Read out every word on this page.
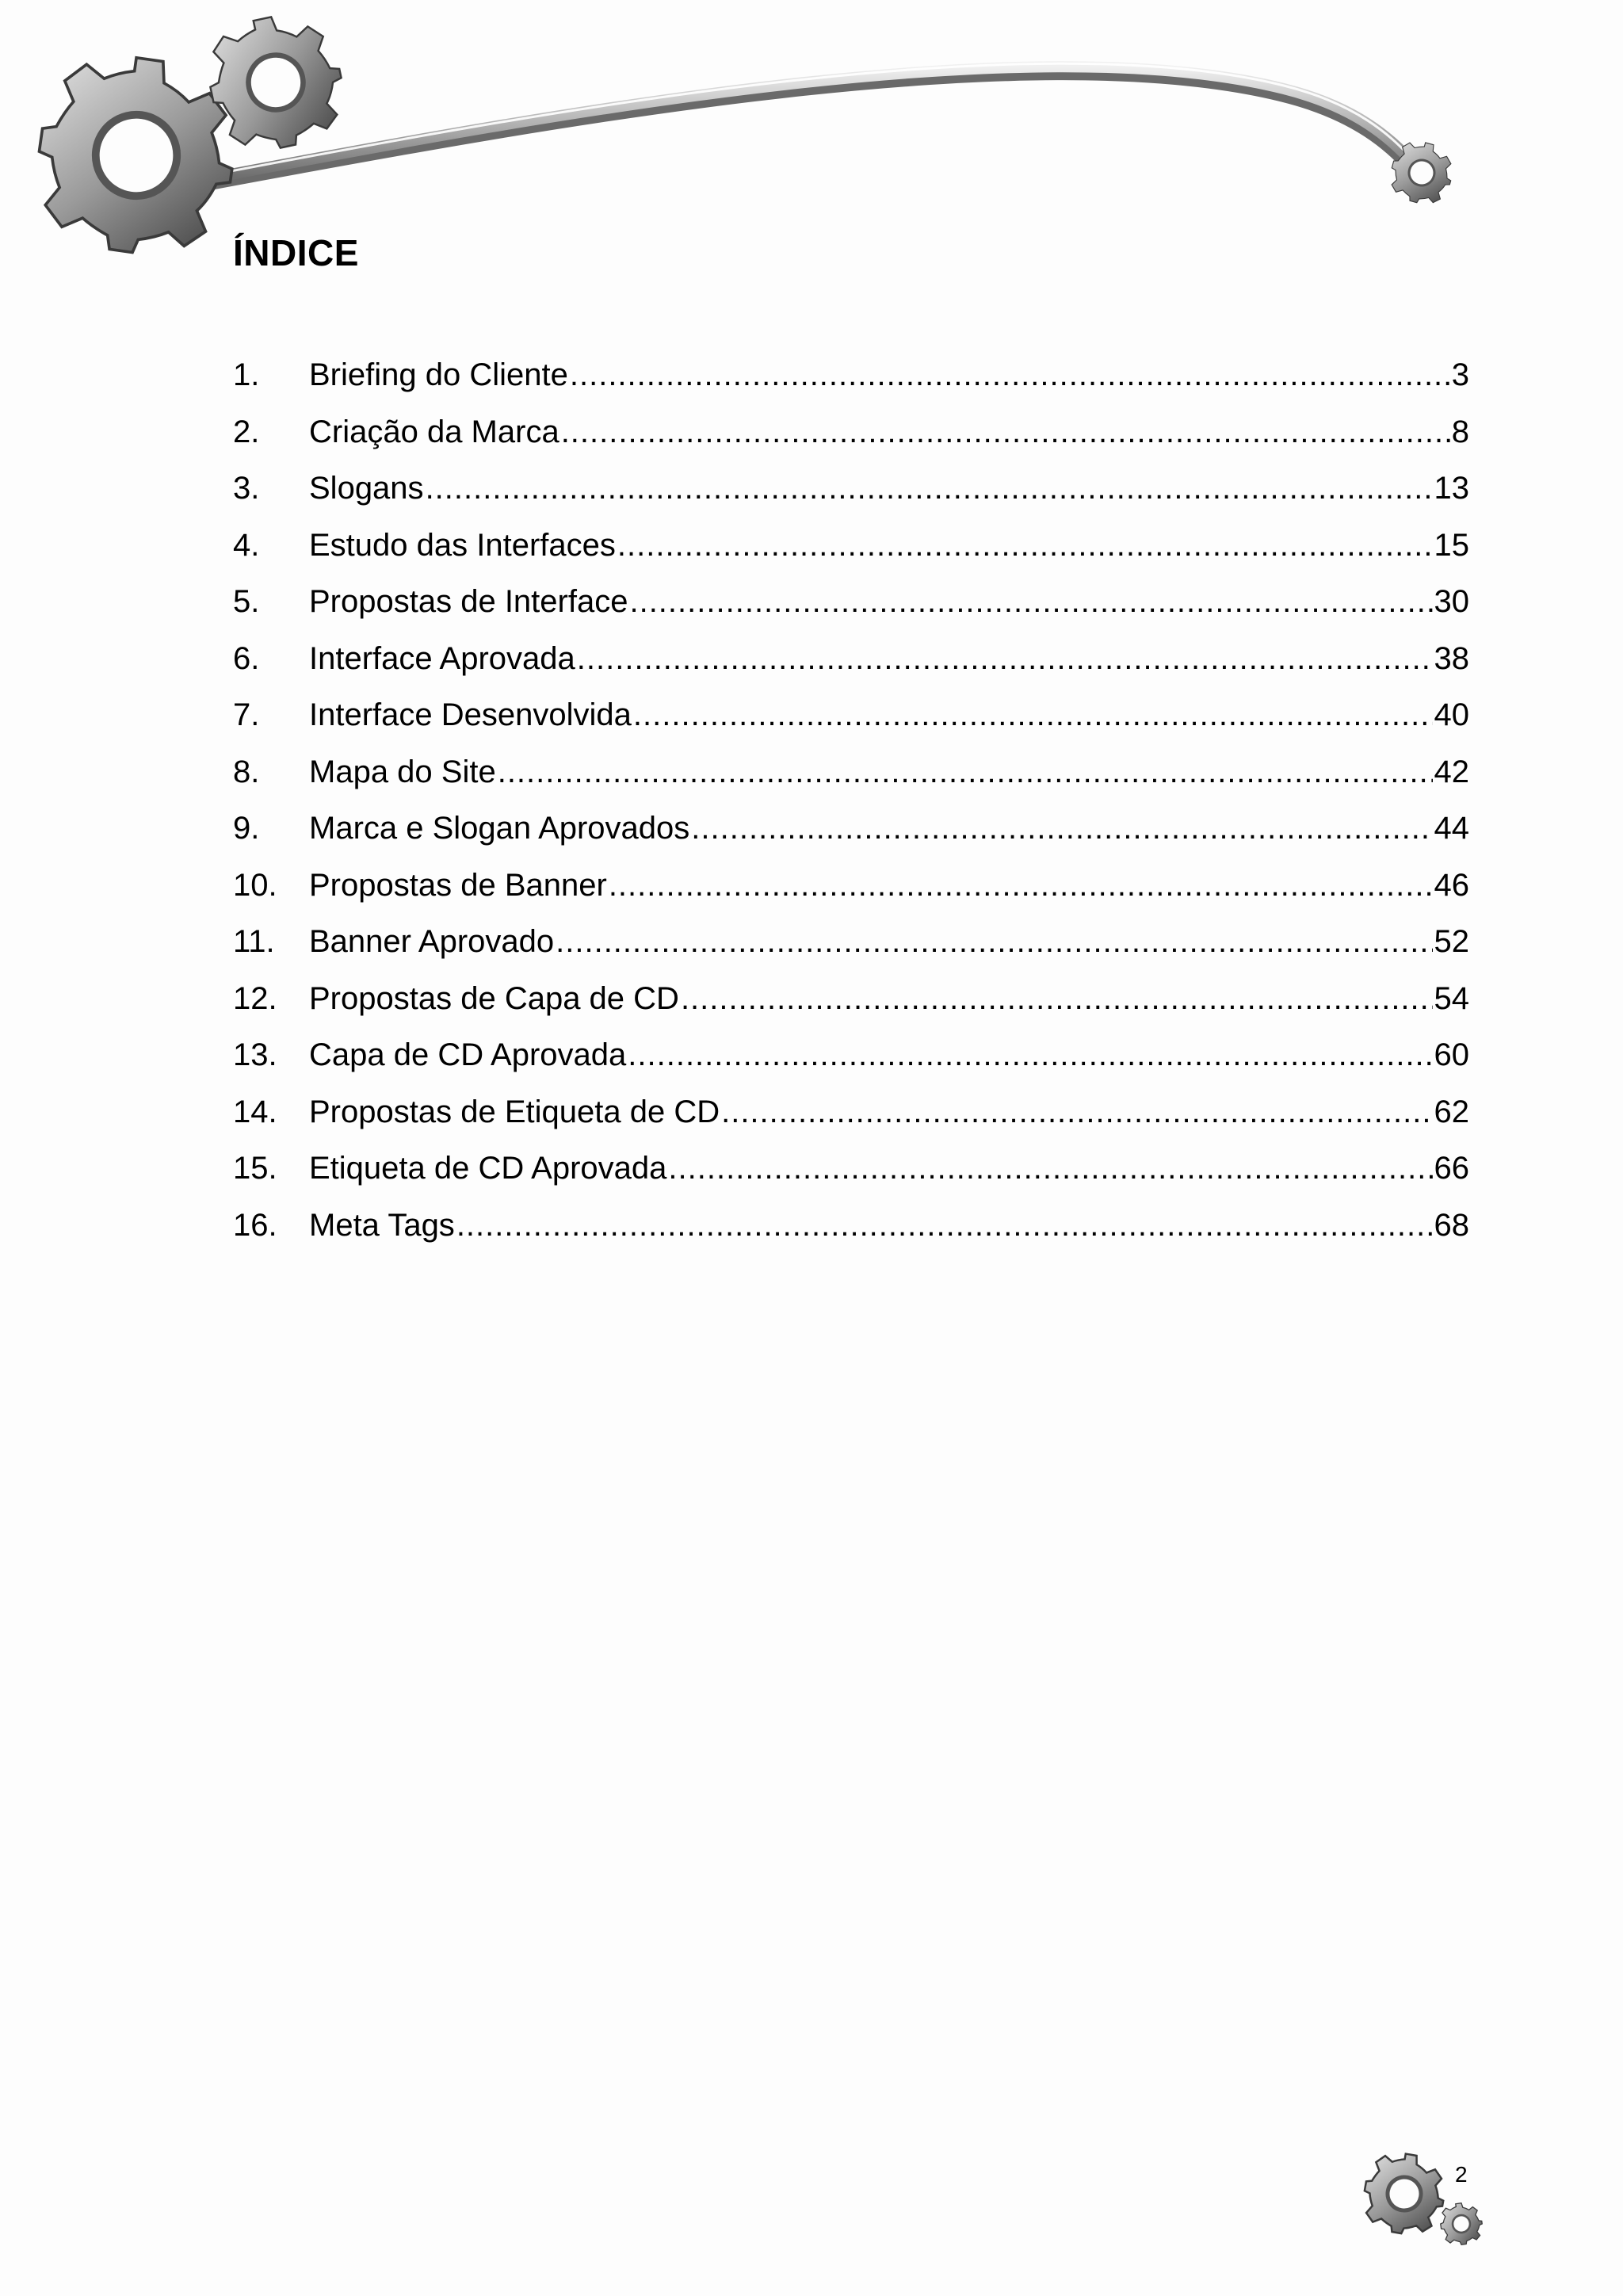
ÍNDICE
1.	Briefing do Cliente .....	3
2.	Criação da Marca .....	8
3.	Slogans .....	13
4.	Estudo das Interfaces .....	15
5.	Propostas de Interface .....	30
6.	Interface Aprovada .....	38
7.	Interface Desenvolvida .....	40
8.	Mapa do Site .....	42
9.	Marca e Slogan Aprovados .....	44
10.	Propostas de Banner .....	46
11.	Banner Aprovado .....	52
12.	Propostas de Capa de CD .....	54
13.	Capa de CD Aprovada .....	60
14.	Propostas de Etiqueta de CD .....	62
15.	Etiqueta de CD Aprovada .....	66
16.	Meta Tags .....	68
2
